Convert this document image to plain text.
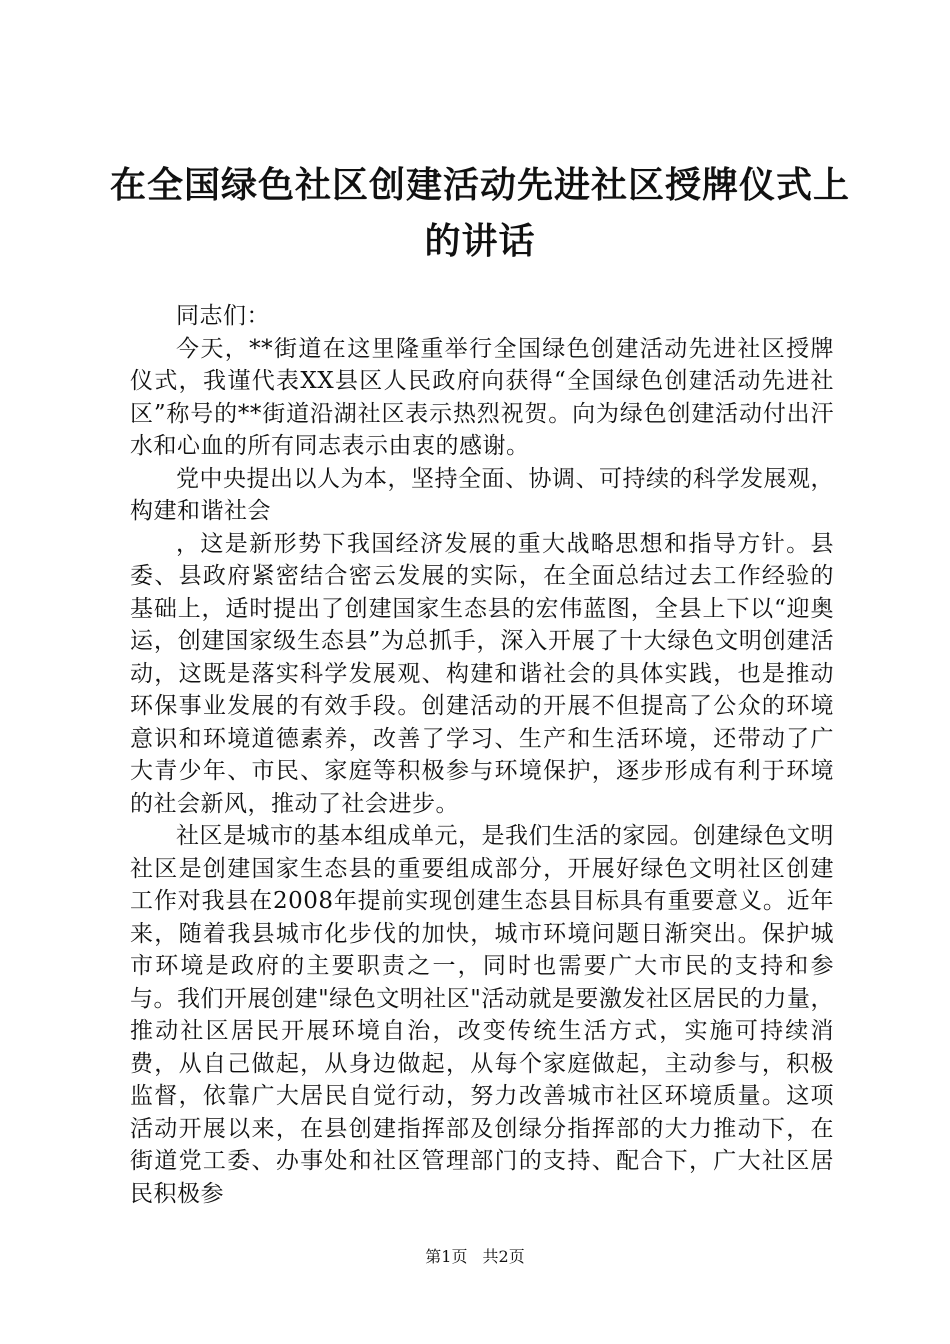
在全国绿色社区创建活动先进社区授牌仪式上
的讲话

同志们：

今天，**街道在这里隆重举行全国绿色创建活动先进社区授牌仪式，我谨代表XX县区人民政府向获得“全国绿色创建活动先进社区”称号的**街道沿湖社区表示热烈祝贺。向为绿色创建活动付出汗水和心血的所有同志表示由衷的感谢。

党中央提出以人为本，坚持全面、协调、可持续的科学发展观，构建和谐社会

，这是新形势下我国经济发展的重大战略思想和指导方针。县委、县政府紧密结合密云发展的实际，在全面总结过去工作经验的基础上，适时提出了创建国家生态县的宏伟蓝图，全县上下以“迎奥运，创建国家级生态县”为总抓手，深入开展了十大绿色文明创建活动，这既是落实科学发展观、构建和谐社会的具体实践，也是推动环保事业发展的有效手段。创建活动的开展不但提高了公众的环境意识和环境道德素养，改善了学习、生产和生活环境，还带动了广大青少年、市民、家庭等积极参与环境保护，逐步形成有利于环境的社会新风，推动了社会进步。

社区是城市的基本组成单元，是我们生活的家园。创建绿色文明社区是创建国家生态县的重要组成部分，开展好绿色文明社区创建工作对我县在2008年提前实现创建生态县目标具有重要意义。近年来，随着我县城市化步伐的加快，城市环境问题日渐突出。保护城市环境是政府的主要职责之一，同时也需要广大市民的支持和参与。我们开展创建"绿色文明社区"活动就是要激发社区居民的力量，推动社区居民开展环境自治，改变传统生活方式，实施可持续消费，从自己做起，从身边做起，从每个家庭做起，主动参与，积极监督，依靠广大居民自觉行动，努力改善城市社区环境质量。这项活动开展以来，在县创建指挥部及创绿分指挥部的大力推动下，在街道党工委、办事处和社区管理部门的支持、配合下，广大社区居民积极参

第1页 共2页
